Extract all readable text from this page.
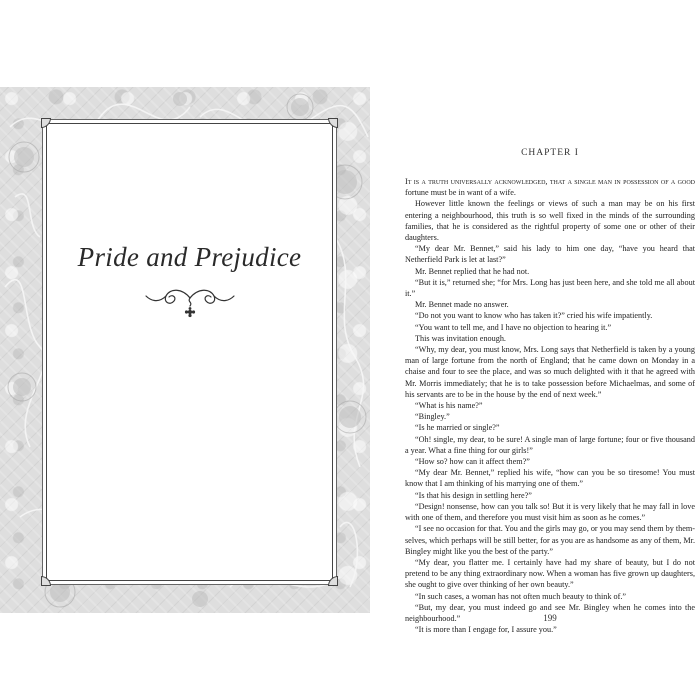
Pride and Prejudice
CHAPTER I

It is a truth universally acknowledged, that a single man in possession of a good fortune must be in want of a wife.

However little known the feelings or views of such a man may be on his first entering a neighbourhood, this truth is so well fixed in the minds of the surrounding families, that he is considered as the rightful property of some one or other of their daughters.

“My dear Mr. Bennet,” said his lady to him one day, “have you heard that Netherfield Park is let at last?”

Mr. Bennet replied that he had not.

“But it is,” returned she; “for Mrs. Long has just been here, and she told me all about it.”

Mr. Bennet made no answer.

“Do not you want to know who has taken it?” cried his wife impatiently.

“You want to tell me, and I have no objection to hearing it.”

This was invitation enough.

“Why, my dear, you must know, Mrs. Long says that Netherfield is taken by a young man of large fortune from the north of England; that he came down on Monday in a chaise and four to see the place, and was so much delighted with it that he agreed with Mr. Morris immediately; that he is to take possession before Michaelmas, and some of his servants are to be in the house by the end of next week.”

“What is his name?”

“Bingley.”

“Is he married or single?”

“Oh! single, my dear, to be sure! A single man of large fortune; four or five thousand a year. What a fine thing for our girls!”

“How so? how can it affect them?”

“My dear Mr. Bennet,” replied his wife, “how can you be so tiresome! You must know that I am thinking of his marrying one of them.”

“Is that his design in settling here?”

“Design! nonsense, how can you talk so! But it is very likely that he may fall in love with one of them, and therefore you must visit him as soon as he comes.”

“I see no occasion for that. You and the girls may go, or you may send them by them-selves, which perhaps will be still better, for as you are as handsome as any of them, Mr. Bingley might like you the best of the party.”

“My dear, you flatter me. I certainly have had my share of beauty, but I do not pretend to be any thing extraordinary now. When a woman has five grown up daughters, she ought to give over thinking of her own beauty.”

“In such cases, a woman has not often much beauty to think of.”

“But, my dear, you must indeed go and see Mr. Bingley when he comes into the neighbourhood.”

“It is more than I engage for, I assure you.”

199
